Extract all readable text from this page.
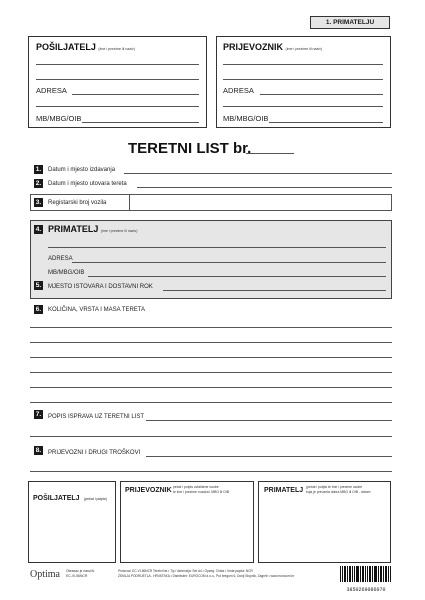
1. PRIMATELJU
POŠILJATELJ (ime i prezime ili naziv)
ADRESA
MB/MBG/OIB
PRIJEVOZNIK (ime i prezime ili naziv)
ADRESA
MB/MBG/OIB
TERETNI LIST br.
1. Datum i mjesto izdavanja
2. Datum i mjesto utovara tereta
3. Registarski broj vozila
4. PRIMATELJ (ime i prezime ili naziv)
ADRESA
MB/MBG/OIB
5. MJESTO ISTOVARA I DOSTAVNI ROK
6. KOLIČINA, VRSTA I MASA TERETA
7. POPIS ISPRAVA UZ TERETNI LIST
8. PRIJEVOZNI I DRUGI TROŠKOVI
POŠILJATELJ (pečat i potpis)
PRIJEVOZNIK pečat i potpis ovlaštene osobe
te ime i prezime vozača i MBG ili OIB	PRIMATELJ (pečat i potpis te ime i prezime osobe
koja je preuzela dobra MBG ili OIB - datum
Optima Obrazac je naručiv
EC-VI-56NCR
Proizvod: EC-VI-56NCR Teretni list • Tip / dimenzija: Set A4 • Opseg: 3 lista • Vrsta papira: NCR
ZEMLJA PODRIJETLA - HRVATSKA • Distributer: EUROCOM d.o.o., Put bregom 6, Donji Stupnik, Zagreb • www.eurocom.hr
3850269086070
